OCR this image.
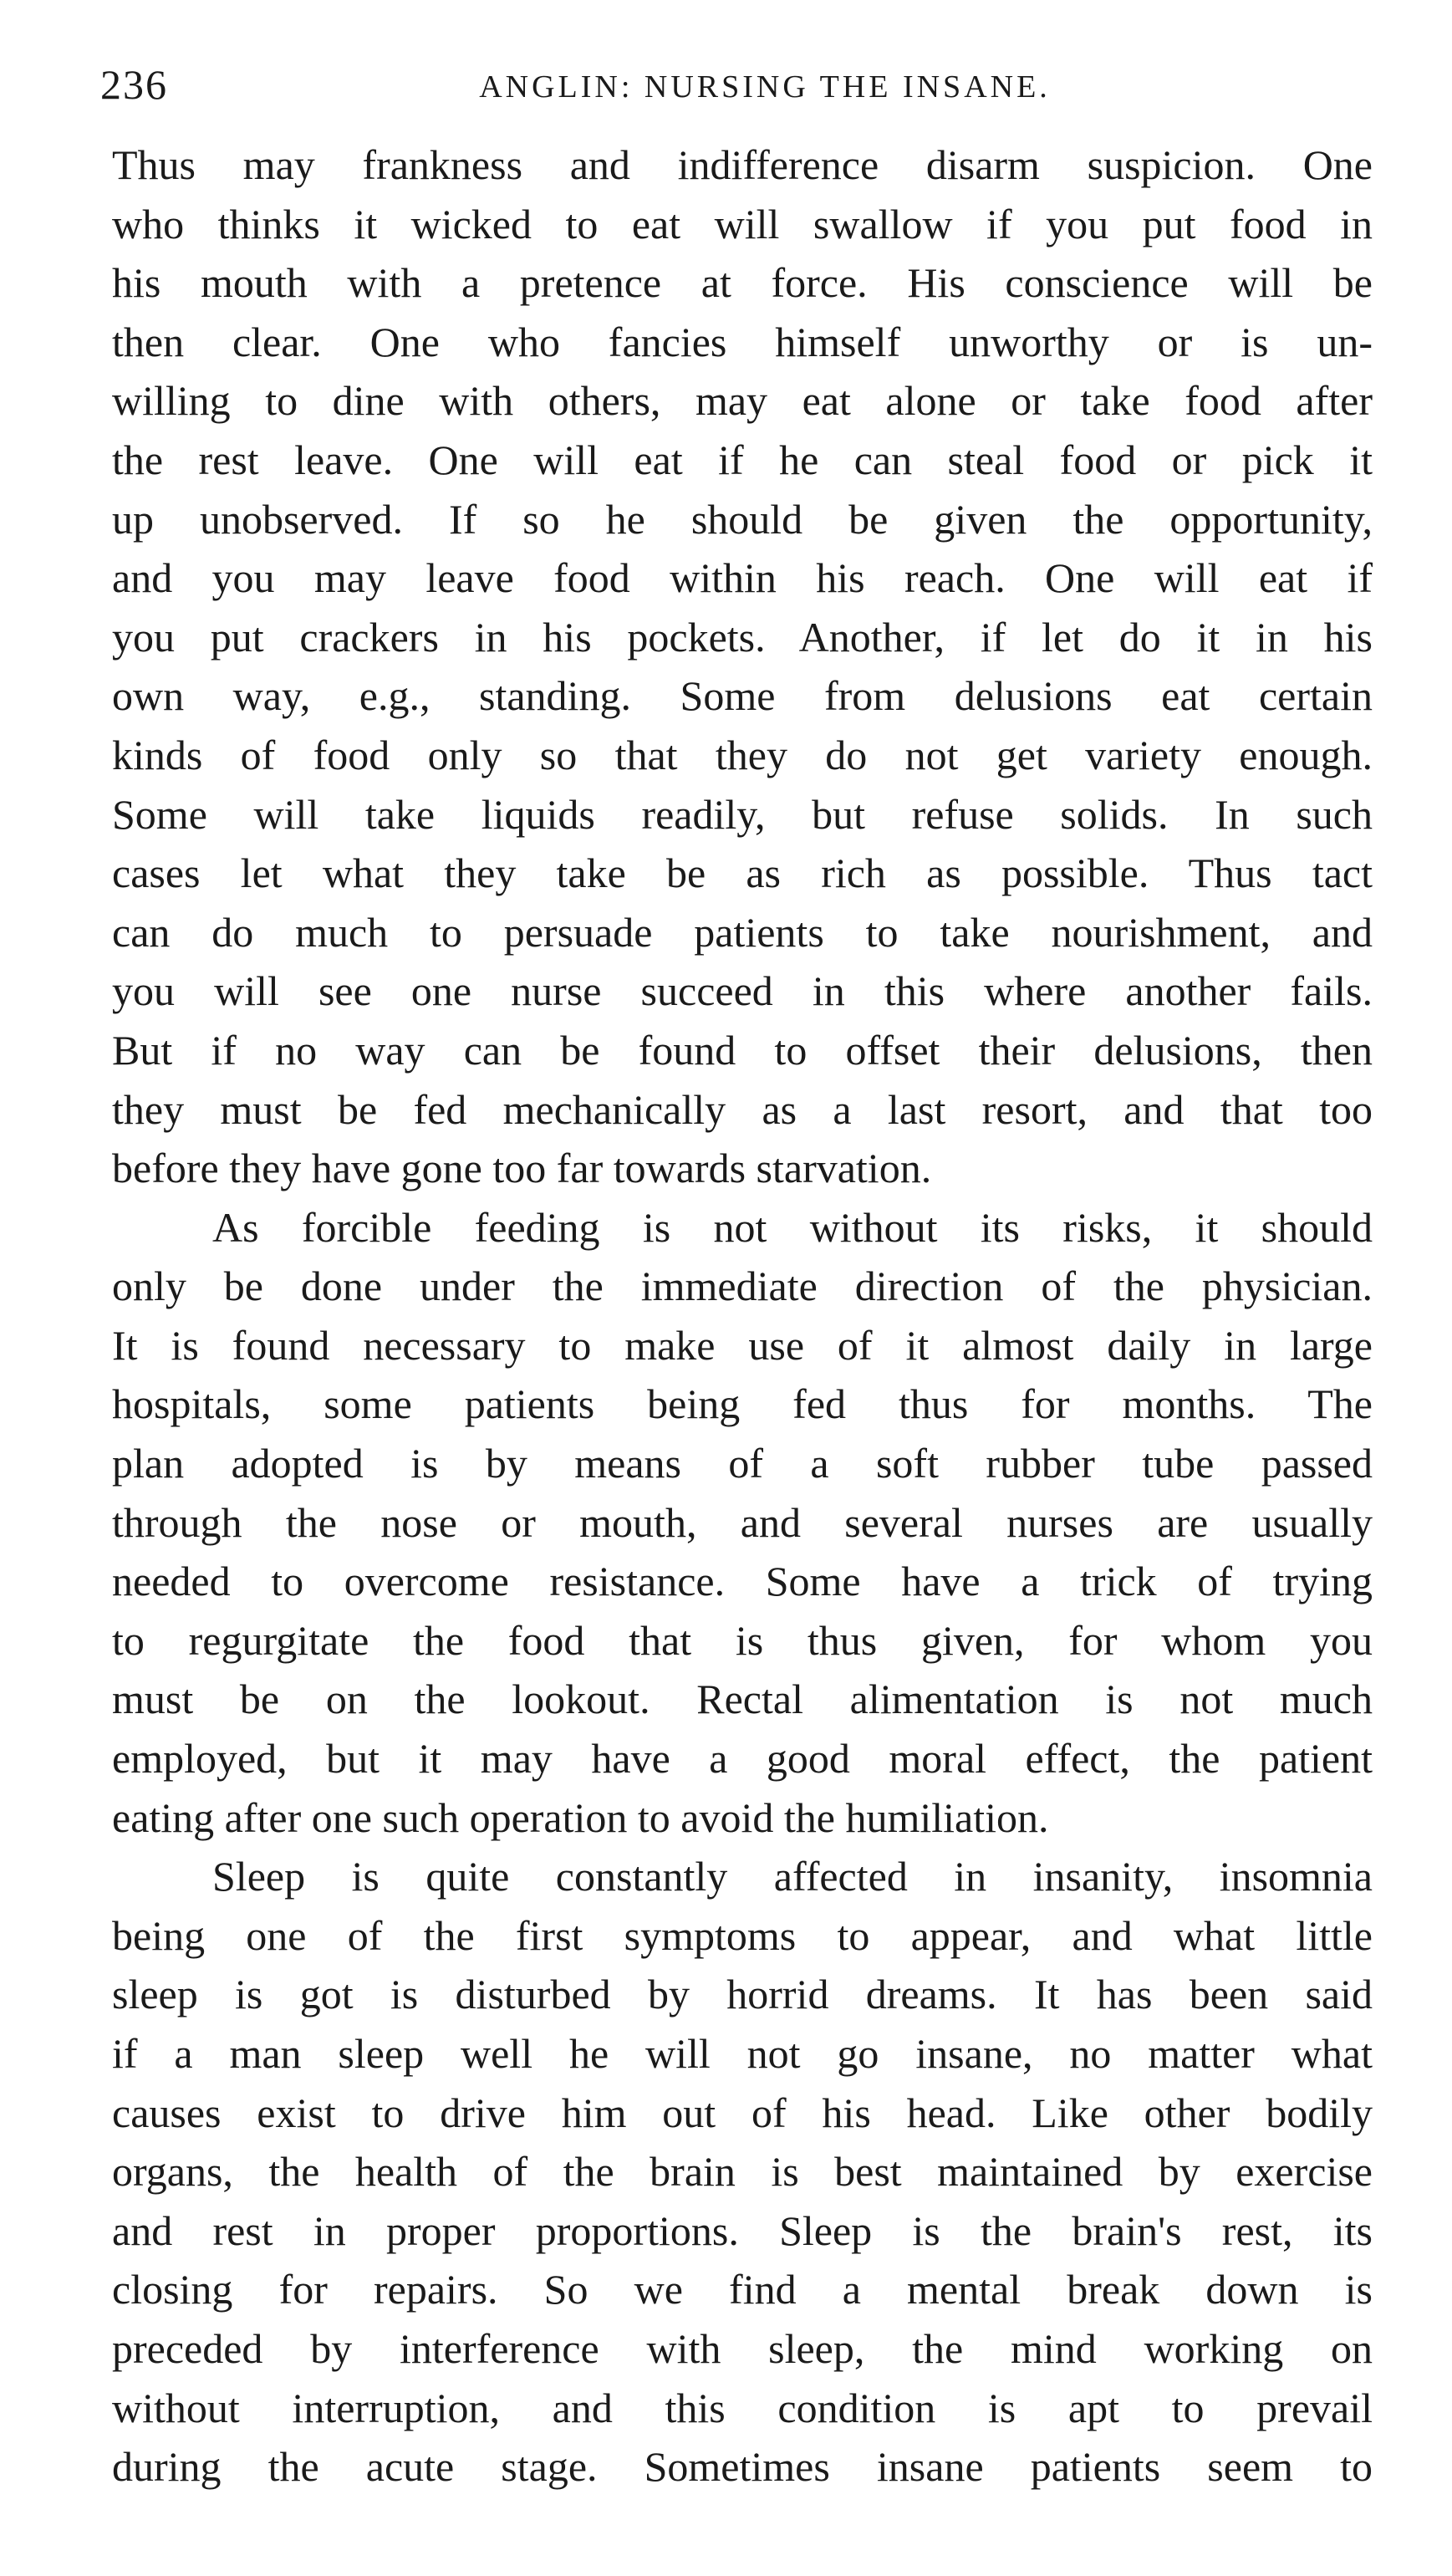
236	ANGLIN: NURSING THE INSANE.
Thus may frankness and indifference disarm suspicion. One
who thinks it wicked to eat will swallow if you put food in
his mouth with a pretence at force. His conscience will be
then clear. One who fancies himself unworthy or is un-
willing to dine with others, may eat alone or take food after
the rest leave. One will eat if he can steal food or pick it
up unobserved. If so he should be given the opportunity,
and you may leave food within his reach. One will eat if
you put crackers in his pockets. Another, if let do it in his
own way, e.g., standing. Some from delusions eat certain
kinds of food only so that they do not get variety enough.
Some will take liquids readily, but refuse solids. In such
cases let what they take be as rich as possible. Thus tact
can do much to persuade patients to take nourishment, and
you will see one nurse succeed in this where another fails.
But if no way can be found to offset their delusions, then
they must be fed mechanically as a last resort, and that too
before they have gone too far towards starvation.
As forcible feeding is not without its risks, it should
only be done under the immediate direction of the physician.
It is found necessary to make use of it almost daily in large
hospitals, some patients being fed thus for months. The
plan adopted is by means of a soft rubber tube passed
through the nose or mouth, and several nurses are usually
needed to overcome resistance. Some have a trick of trying
to regurgitate the food that is thus given, for whom you
must be on the lookout. Rectal alimentation is not much
employed, but it may have a good moral effect, the patient
eating after one such operation to avoid the humiliation.
Sleep is quite constantly affected in insanity, insomnia
being one of the first symptoms to appear, and what little
sleep is got is disturbed by horrid dreams. It has been said
if a man sleep well he will not go insane, no matter what
causes exist to drive him out of his head. Like other bodily
organs, the health of the brain is best maintained by exercise
and rest in proper proportions. Sleep is the brain's rest, its
closing for repairs. So we find a mental break down is
preceded by interference with sleep, the mind working on
without interruption, and this condition is apt to prevail
during the acute stage. Sometimes insane patients seem to
